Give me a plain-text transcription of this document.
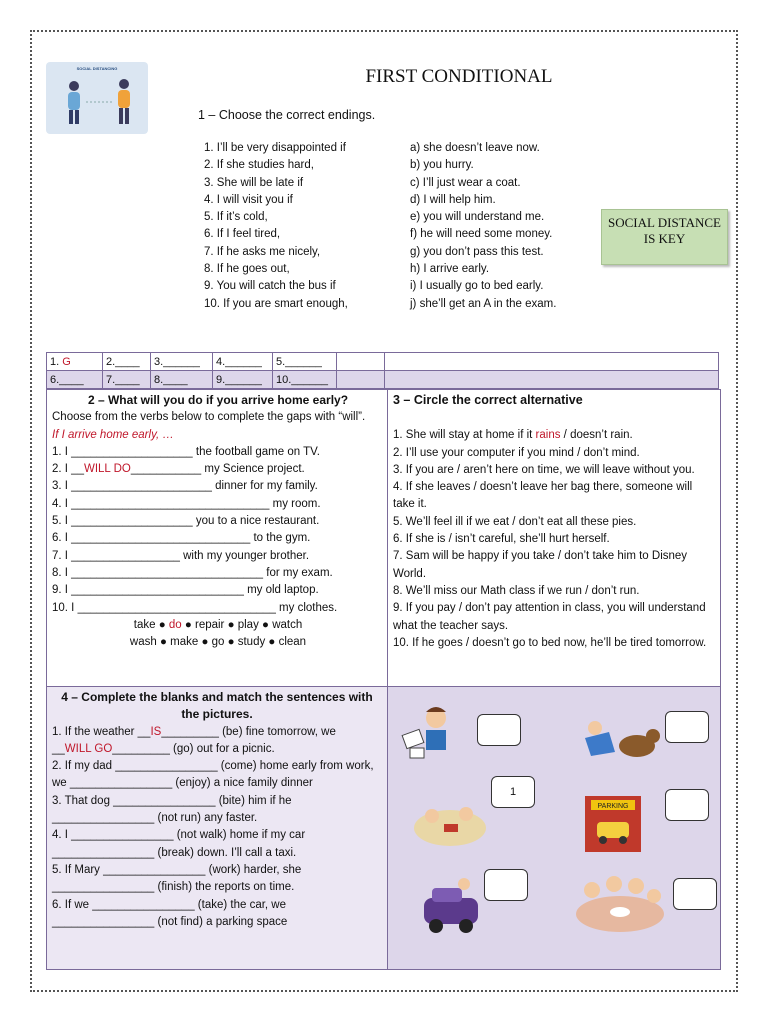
SOCIAL DISTANCING	FIRST CONDITIONAL
1 – Choose the correct endings.
1. I’ll be very disappointed if
2. If she studies hard,
3. She will be late if
4. I will visit you if
5. If it’s cold,
6. If I feel tired,
7. If he asks me nicely,
8. If he goes out,
9. You will catch the bus if
10. If you are smart enough,
a) she doesn’t leave now.
b) you hurry.
c) I’ll just wear a coat.
d) I will help him.
e) you will understand me.
f) he will need some money.
g) you don’t pass this test.
h) I arrive early.
i) I usually go to bed early.
j) she’ll get an A in the exam.
SOCIAL DISTANCE IS KEY
1. G	2.____	3.______	4.______	5.______		
6.____	7.____	8.____	9.______	10.______		
2 – What will you do if you arrive home early?
Choose from the verbs below to complete the gaps with “will”.
If I arrive home early, …
1. I ___________________ the football game on TV.
2. I __WILL DO___________ my Science project.
3. I ______________________ dinner for my family.
4. I _______________________________ my room.
5. I ___________________ you to a nice restaurant.
6. I ____________________________ to the gym.
7. I _________________ with my younger brother.
8. I ______________________________ for my exam.
9. I ___________________________ my old laptop.
10. I _______________________________ my clothes.
take ● do ● repair ● play ● watch
wash ● make ● go ● study ● clean
3 – Circle the correct alternative
1. She will stay at home if it rains / doesn’t rain.
2. I’ll use your computer if you mind / don’t mind.
3. If you are / aren’t here on time, we will leave without you.
4. If she leaves / doesn’t leave her bag there, someone will take it.
5. We’ll feel ill if we eat / don’t eat all these pies.
6. If she is / isn’t careful, she’ll hurt herself.
7. Sam will be happy if you take / don’t take him to Disney World.
8. We’ll miss our Math class if we run / don’t run.
9. If you pay / don’t pay attention in class, you will understand what the teacher says.
10. If he goes / doesn’t go to bed now, he’ll be tired tomorrow.
4 – Complete the blanks and match the sentences with the pictures.
1. If the weather __IS_________ (be) fine tomorrow, we
__WILL GO_________ (go) out for a picnic.
2. If my dad ________________ (come) home early from work, we ________________ (enjoy) a nice family dinner
3. That dog ________________ (bite) him if he ________________ (not run) any faster.
4. I ________________ (not walk) home if my car ________________ (break) down. I’ll call a taxi.
5. If Mary ________________ (work) harder, she ________________ (finish) the reports on time.
6. If we ________________ (take) the car, we ________________ (not find) a parking space
1
PARKING
